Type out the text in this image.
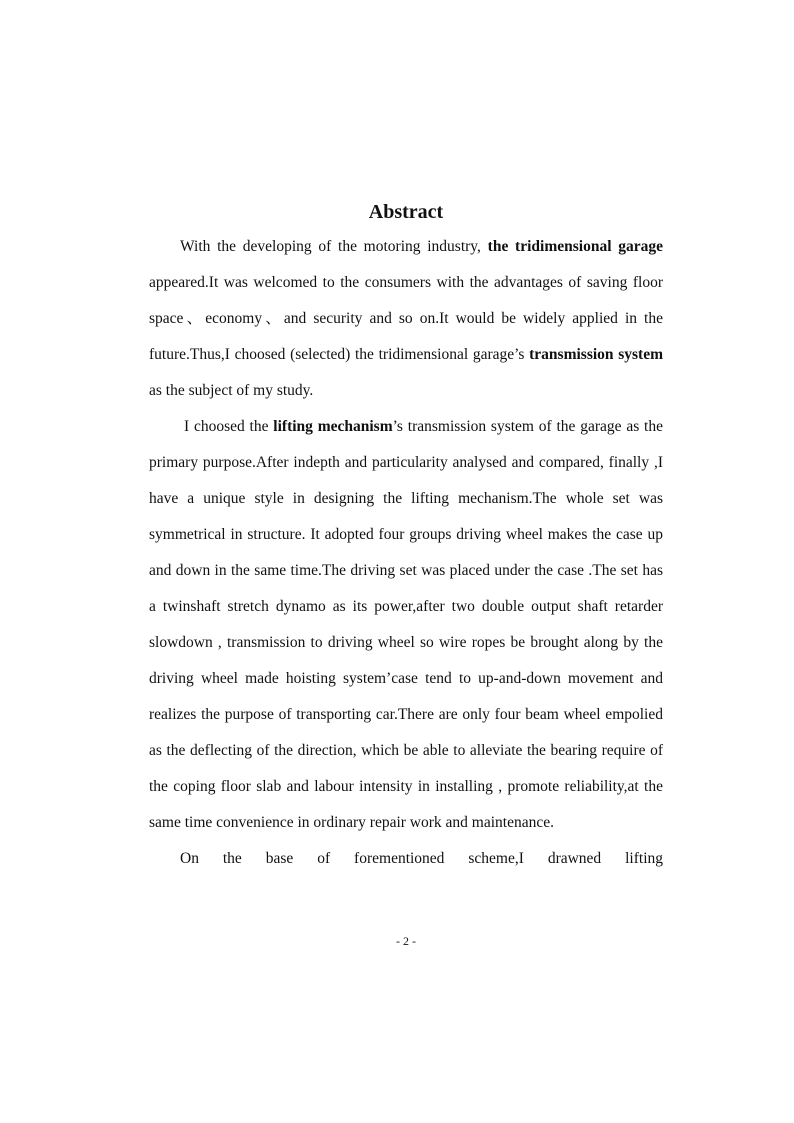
Abstract

With the developing of the motoring industry, the tridimensional garage appeared.It was welcomed to the consumers with the advantages of saving floor space、economy、and security and so on.It would be widely applied in the future.Thus,I choosed (selected) the tridimensional garage’s transmission system as the subject of my study.

I choosed the lifting mechanism’s transmission system of the garage as the primary purpose.After indepth and particularity analysed and compared, finally ,I have a unique style in designing the lifting mechanism.The whole set was symmetrical in structure. It adopted four groups driving wheel makes the case up and down in the same time.The driving set was placed under the case .The set has a twinshaft stretch dynamo as its power,after two double output shaft retarder slowdown , transmission to driving wheel so wire ropes be brought along by the driving wheel made hoisting system’case tend to up-and-down movement and realizes the purpose of transporting car.There are only four beam wheel empolied as the deflecting of the direction, which be able to alleviate the bearing require of the coping floor slab and labour intensity in installing , promote reliability,at the same time convenience in ordinary repair work and maintenance.

On the base of forementioned scheme,I drawned lifting

- 2 -
